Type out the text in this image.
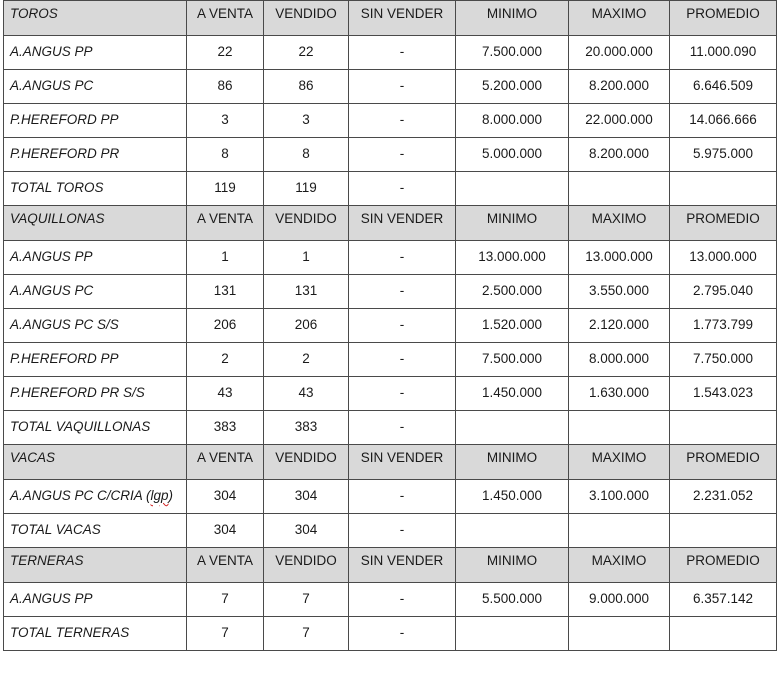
TOROS	A VENTA	VENDIDO	SIN VENDER	MINIMO	MAXIMO	PROMEDIO
A.ANGUS PP	22	22	-	7.500.000	20.000.000	11.000.090
A.ANGUS PC	86	86	-	5.200.000	8.200.000	6.646.509
P.HEREFORD PP	3	3	-	8.000.000	22.000.000	14.066.666
P.HEREFORD PR	8	8	-	5.000.000	8.200.000	5.975.000
TOTAL TOROS	119	119	-			
VAQUILLONAS	A VENTA	VENDIDO	SIN VENDER	MINIMO	MAXIMO	PROMEDIO
A.ANGUS PP	1	1	-	13.000.000	13.000.000	13.000.000
A.ANGUS PC	131	131	-	2.500.000	3.550.000	2.795.040
A.ANGUS PC S/S	206	206	-	1.520.000	2.120.000	1.773.799
P.HEREFORD PP	2	2	-	7.500.000	8.000.000	7.750.000
P.HEREFORD PR S/S	43	43	-	1.450.000	1.630.000	1.543.023
TOTAL VAQUILLONAS	383	383	-			
VACAS	A VENTA	VENDIDO	SIN VENDER	MINIMO	MAXIMO	PROMEDIO
A.ANGUS PC C/CRIA (lgp)	304	304	-	1.450.000	3.100.000	2.231.052
TOTAL VACAS	304	304	-			
TERNERAS	A VENTA	VENDIDO	SIN VENDER	MINIMO	MAXIMO	PROMEDIO
A.ANGUS PP	7	7	-	5.500.000	9.000.000	6.357.142
TOTAL TERNERAS	7	7	-			
